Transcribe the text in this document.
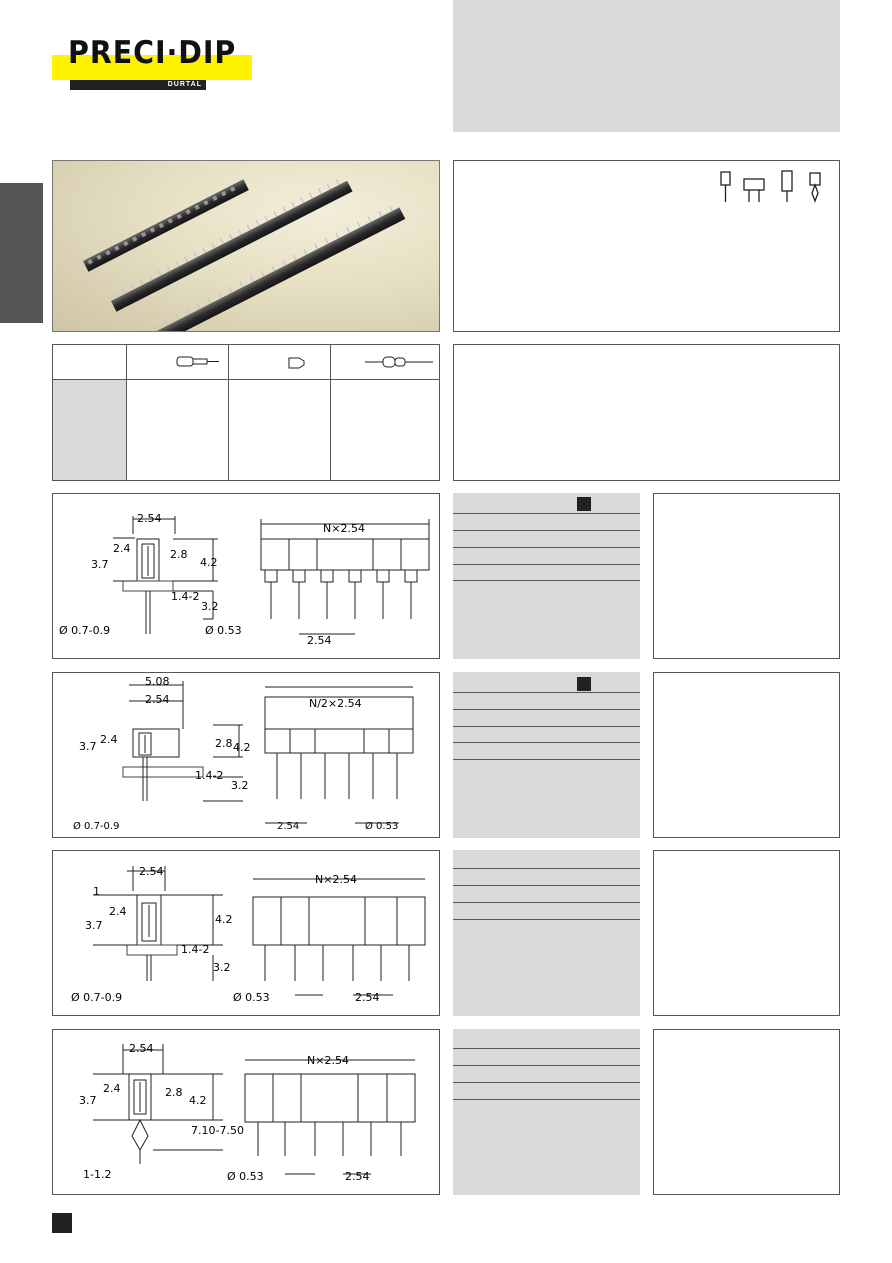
PRECI·DIP
DURTAL
2.54
2.4
3.7
2.8
4.2
1.4-2
3.2
Ø 0.7-0.9	Ø 0.53
2.54
N×2.54
5.08
2.54
2.4
3.7	2.8 4.2
1.4-2
3.2
Ø 0.7-0.9	Ø 0.53
2.54
N/2×2.54
1
2.54
2.4
3.7	4.2
1.4-2
3.2
Ø 0.7-0.9	Ø 0.53	2.54
N×2.54
2.54
2.4
3.7
2.8
4.2
7.10-7.50
1-1.2	Ø 0.53	2.54
N×2.54
